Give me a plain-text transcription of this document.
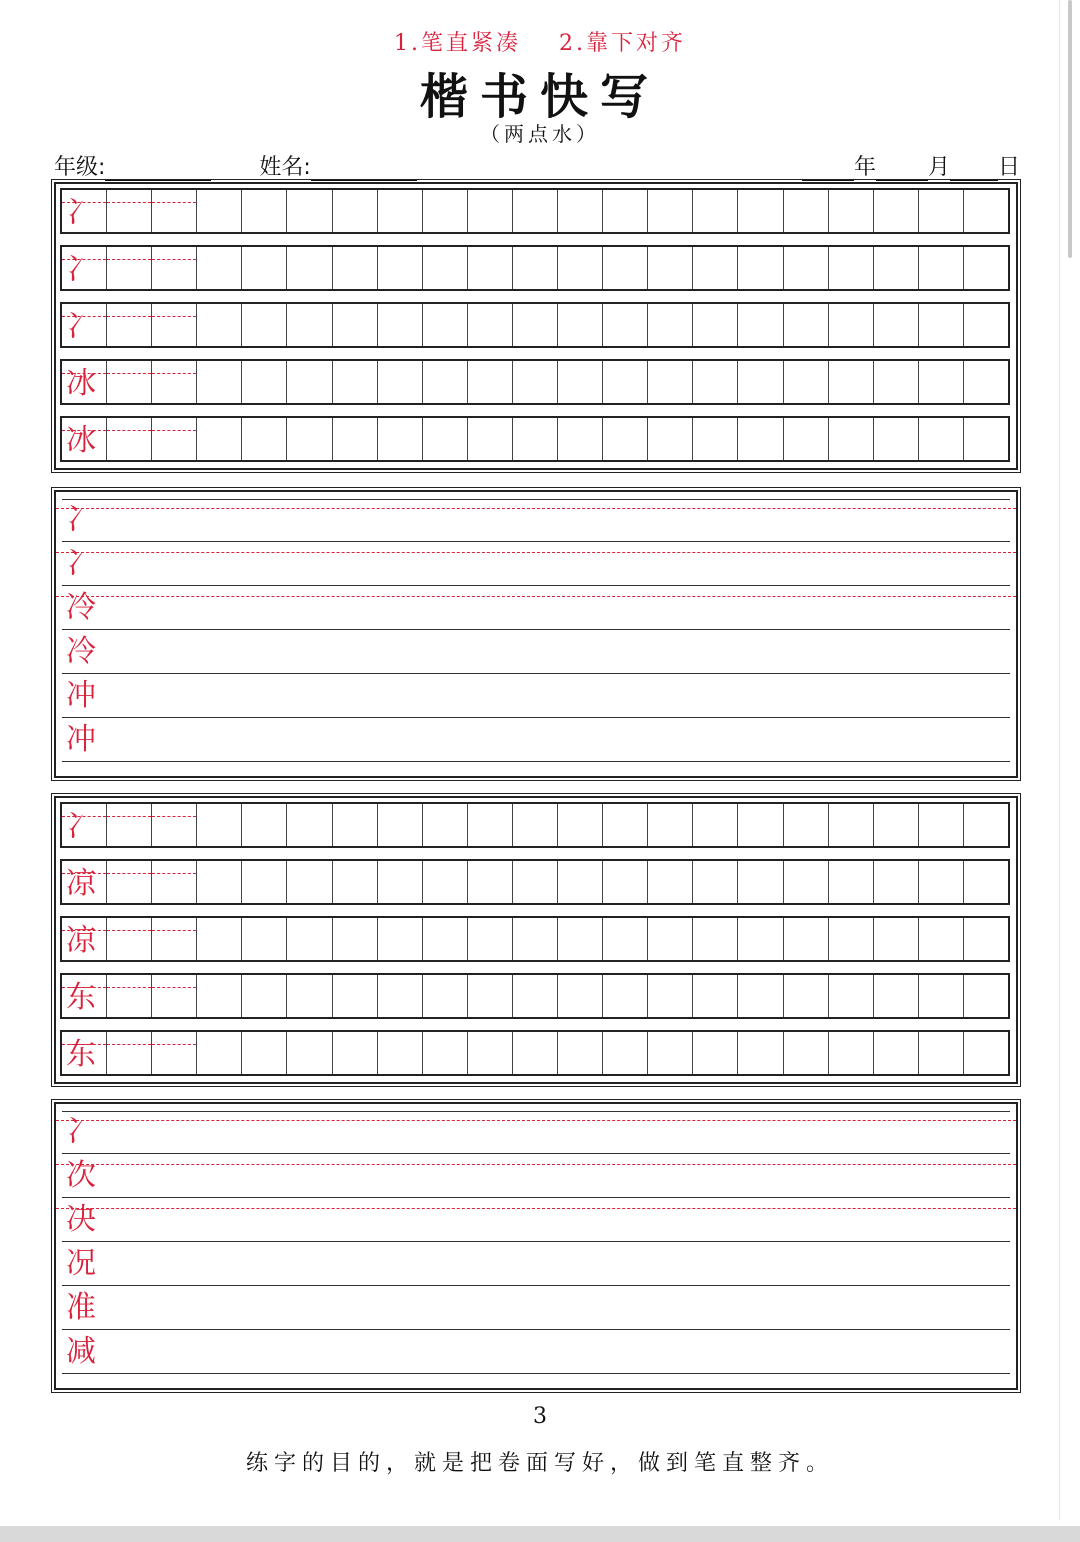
1.笔直紧凑 2.靠下对齐
楷书快写
（两点水）
年级:	姓名:	年 月 日
冫
冫
冫
冰
冰
冫
冫
冷
冷
冲
冲
冫
凉
凉
东
东
冫
次
决
况
准
减
3
练字的目的，就是把卷面写好，做到笔直整齐。
